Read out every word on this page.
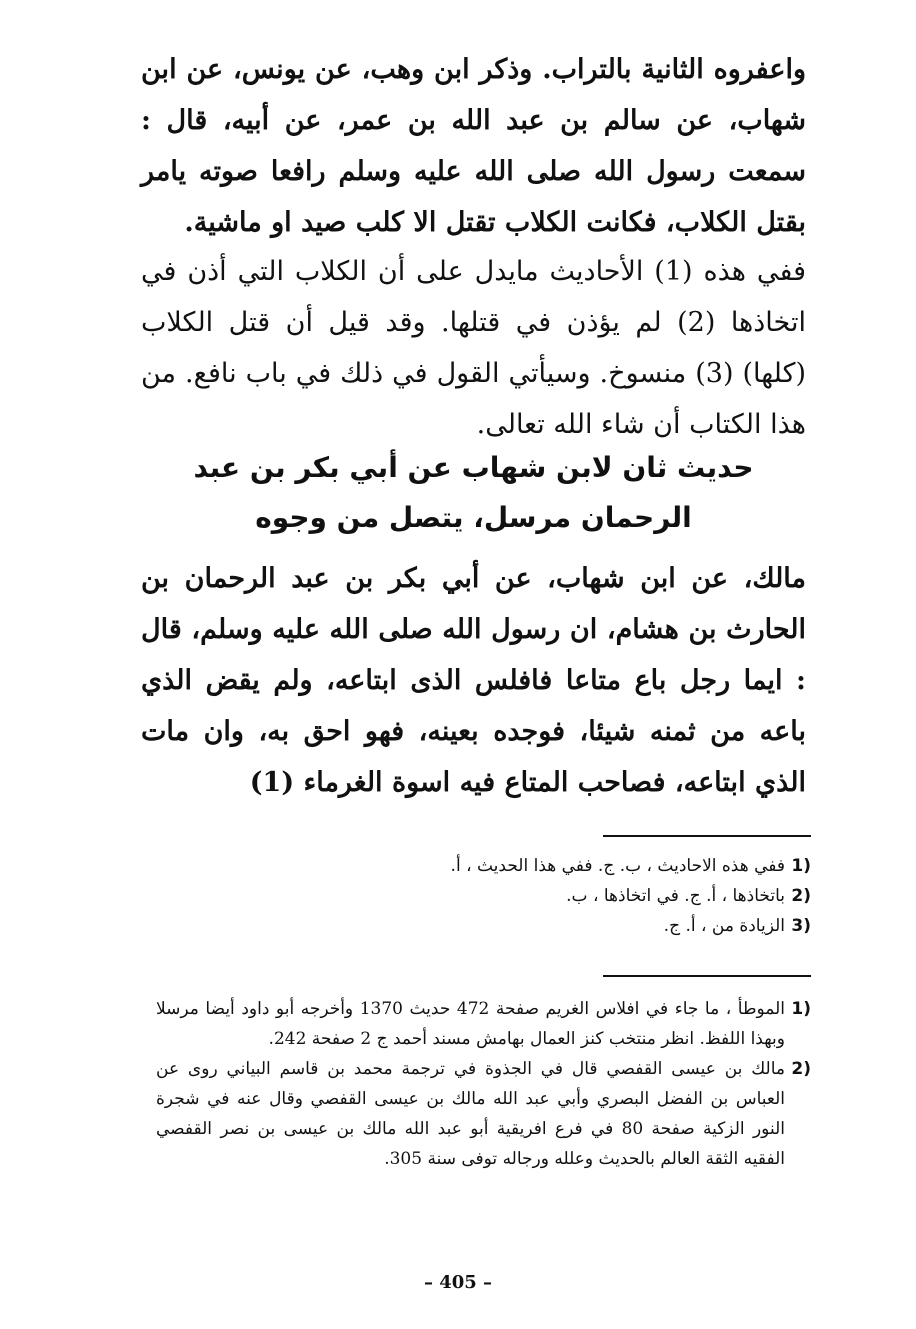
واعفروه الثانية بالتراب. وذكر ابن وهب، عن يونس، عن ابن شهاب، عن سالم بن عبد الله بن عمر، عن أبيه، قال : سمعت رسول الله صلى الله عليه وسلم رافعا صوته يامر بقتل الكلاب، فكانت الكلاب تقتل الا كلب صيد او ماشية.
ففي هذه (1) الأحاديث مايدل على أن الكلاب التي أذن في اتخاذها (2) لم يؤذن في قتلها. وقد قيل أن قتل الكلاب (كلها) (3) منسوخ. وسيأتي القول في ذلك في باب نافع. من هذا الكتاب أن شاء الله تعالى.
حديث ثان لابن شهاب عن أبي بكر بن عبد الرحمان مرسل، يتصل من وجوه
مالك، عن ابن شهاب، عن أبي بكر بن عبد الرحمان بن الحارث بن هشام، ان رسول الله صلى الله عليه وسلم، قال : ايما رجل باع متاعا فافلس الذى ابتاعه، ولم يقض الذي باعه من ثمنه شيئا، فوجده بعينه، فهو احق به، وان مات الذي ابتاعه، فصاحب المتاع فيه اسوة الغرماء (1)
(1
ففي هذه الاحاديث ، ب. ج. ففي هذا الحديث ، أ.
(2
باتخاذها ، أ. ج. في اتخاذها ، ب.
(3
الزيادة من ، أ. ج.
(1
الموطأ ، ما جاء في افلاس الغريم صفحة 472 حديث 1370 وأخرجه أبو داود أيضا مرسلا وبهذا اللفظ. انظر منتخب كنز العمال بهامش مسند أحمد ج 2 صفحة 242.
(2
مالك بن عيسى القفصي قال في الجذوة في ترجمة محمد بن قاسم البياني روى عن العباس بن الفضل البصري وأبي عبد الله مالك بن عيسى القفصي وقال عنه في شجرة النور الزكية صفحة 80 في فرع افريقية أبو عبد الله مالك بن عيسى بن نصر القفصي الفقيه الثقة العالم بالحديث وعلله ورجاله توفى سنة 305.
– 405 –
